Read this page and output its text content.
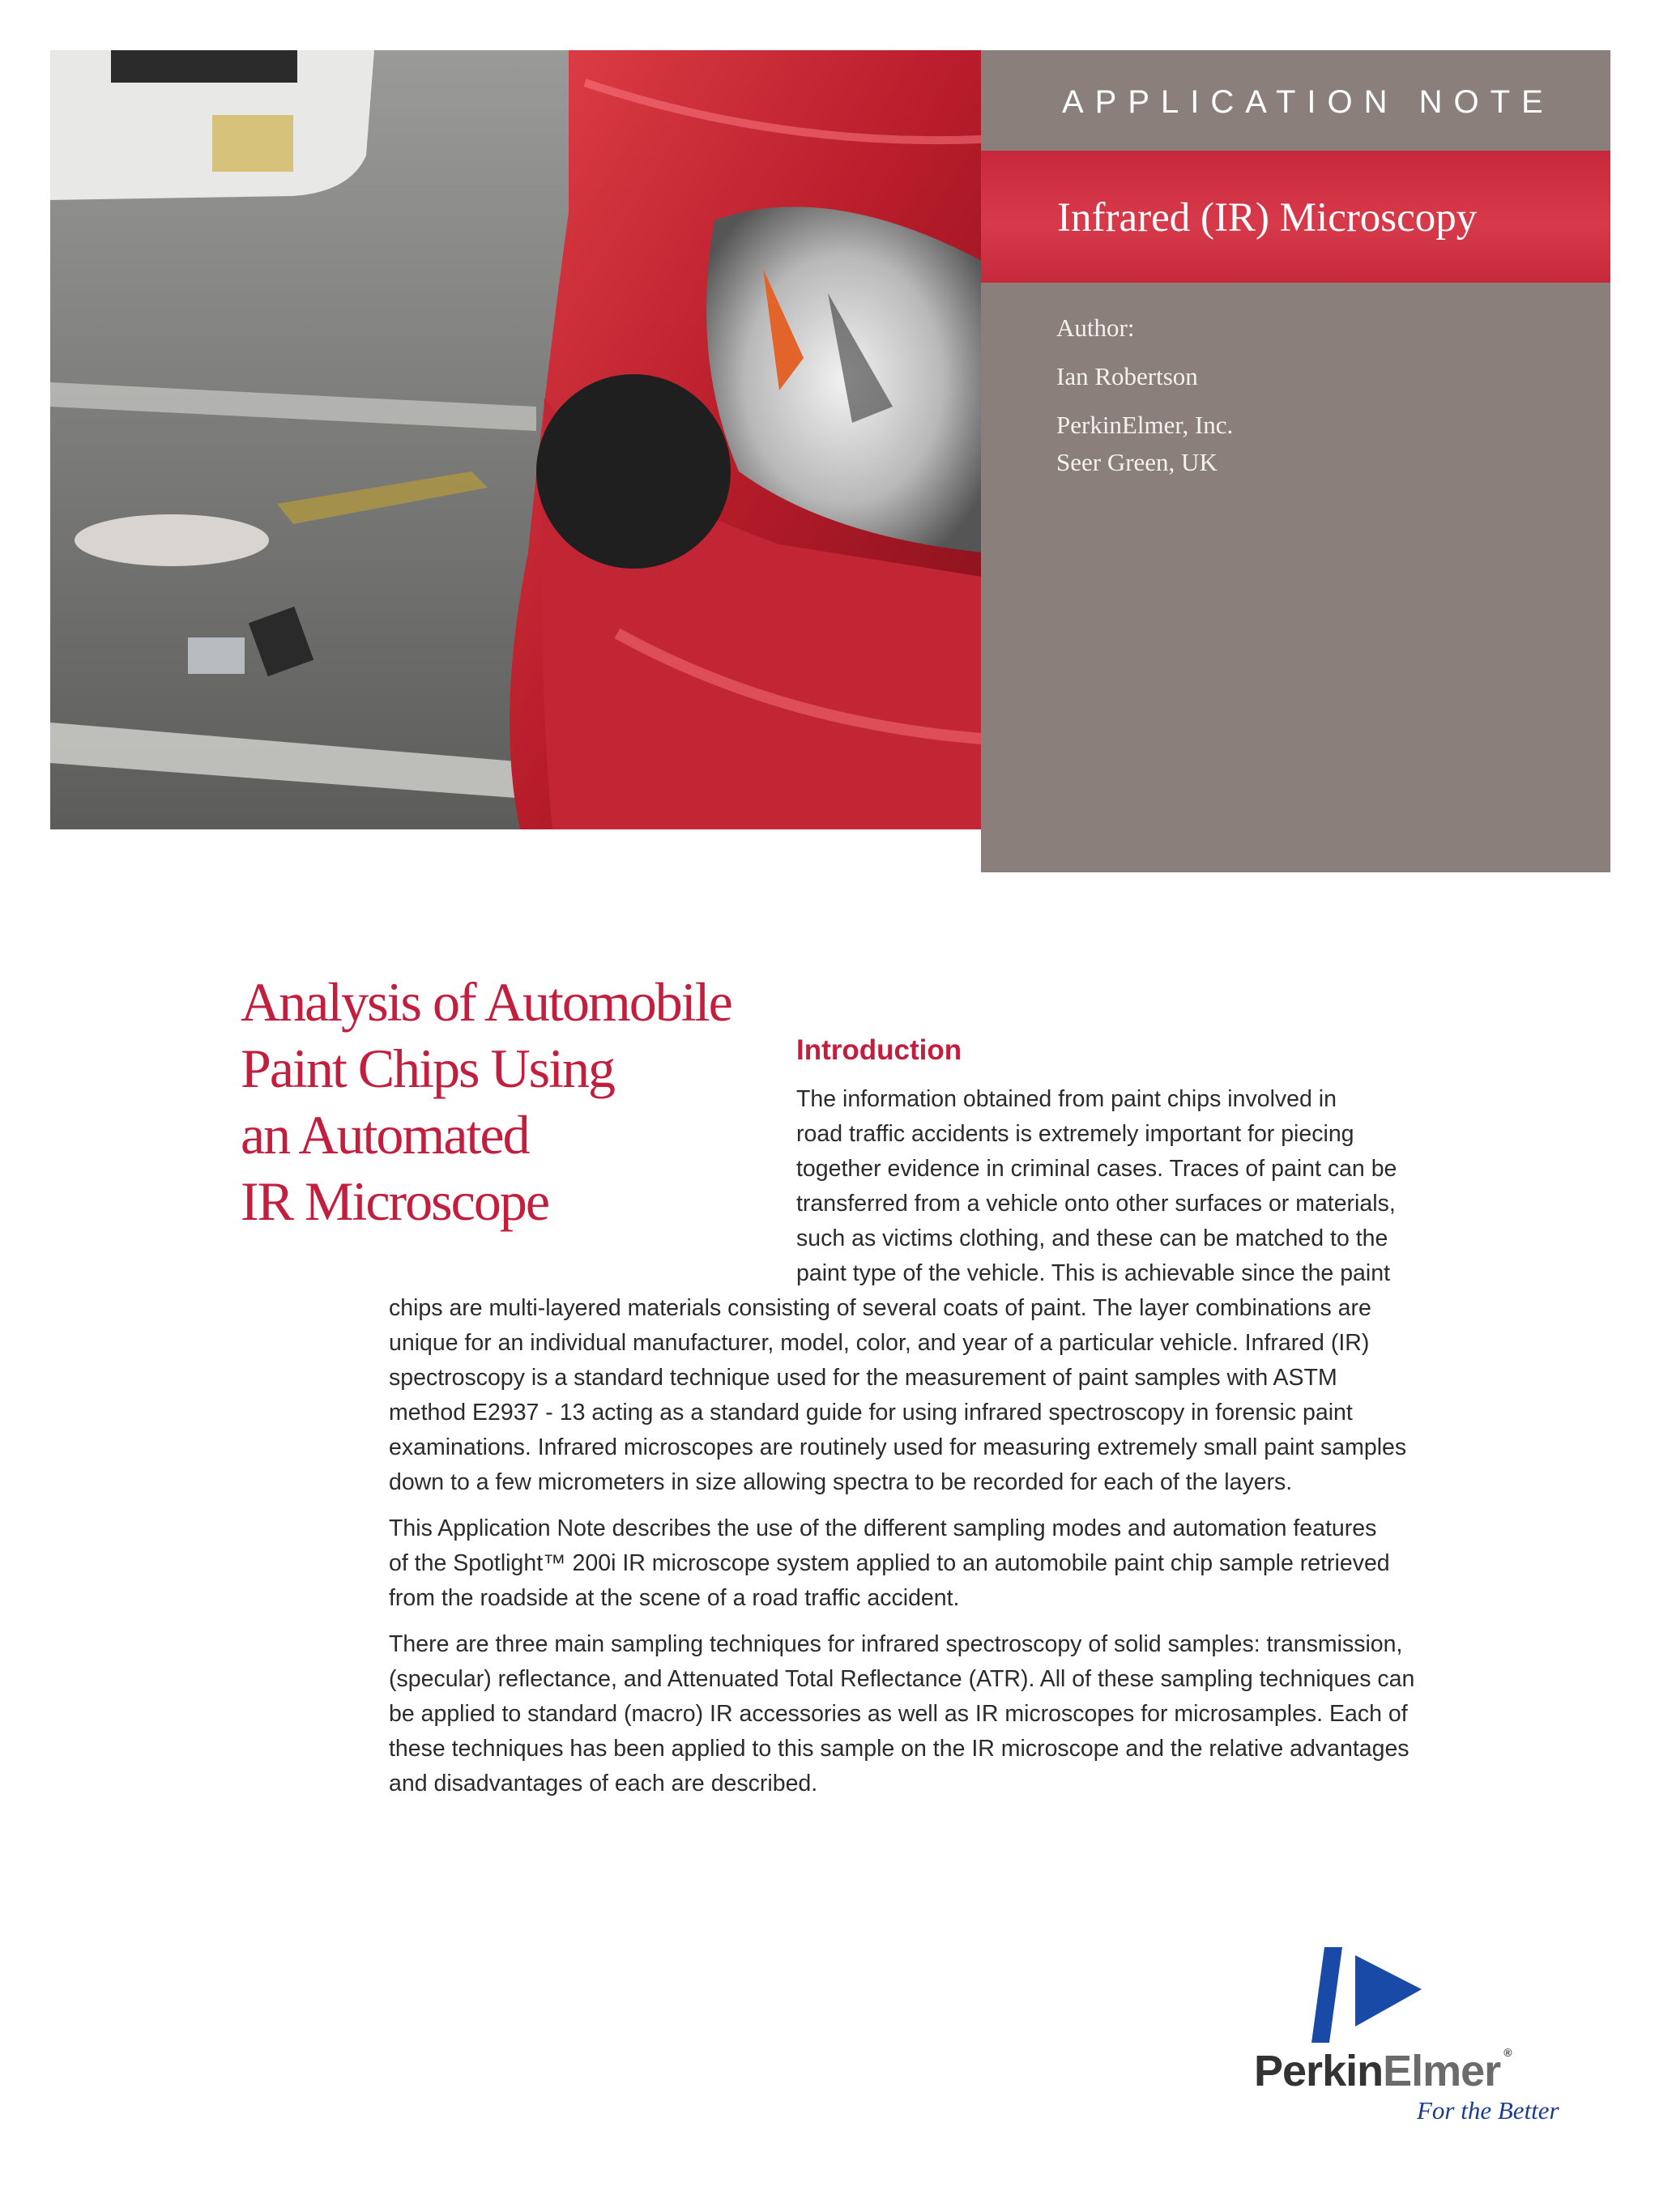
APPLICATION NOTE
Infrared (IR) Microscopy
Author:
Ian Robertson
PerkinElmer, Inc.
Seer Green, UK
Analysis of Automobile
Paint Chips Using
an Automated
IR Microscope
Introduction
The information obtained from paint chips involved in
road traffic accidents is extremely important for piecing
together evidence in criminal cases. Traces of paint can be
transferred from a vehicle onto other surfaces or materials,
such as victims clothing, and these can be matched to the
paint type of the vehicle. This is achievable since the paint
chips are multi-layered materials consisting of several coats of paint. The layer combinations are
unique for an individual manufacturer, model, color, and year of a particular vehicle. Infrared (IR)
spectroscopy is a standard technique used for the measurement of paint samples with ASTM
method E2937 - 13 acting as a standard guide for using infrared spectroscopy in forensic paint
examinations. Infrared microscopes are routinely used for measuring extremely small paint samples
down to a few micrometers in size allowing spectra to be recorded for each of the layers.
This Application Note describes the use of the different sampling modes and automation features
of the Spotlight™ 200i IR microscope system applied to an automobile paint chip sample retrieved
from the roadside at the scene of a road traffic accident.
There are three main sampling techniques for infrared spectroscopy of solid samples: transmission,
(specular) reflectance, and Attenuated Total Reflectance (ATR). All of these sampling techniques can
be applied to standard (macro) IR accessories as well as IR microscopes for microsamples. Each of
these techniques has been applied to this sample on the IR microscope and the relative advantages
and disadvantages of each are described.
PerkinElmer ®
For the Better
